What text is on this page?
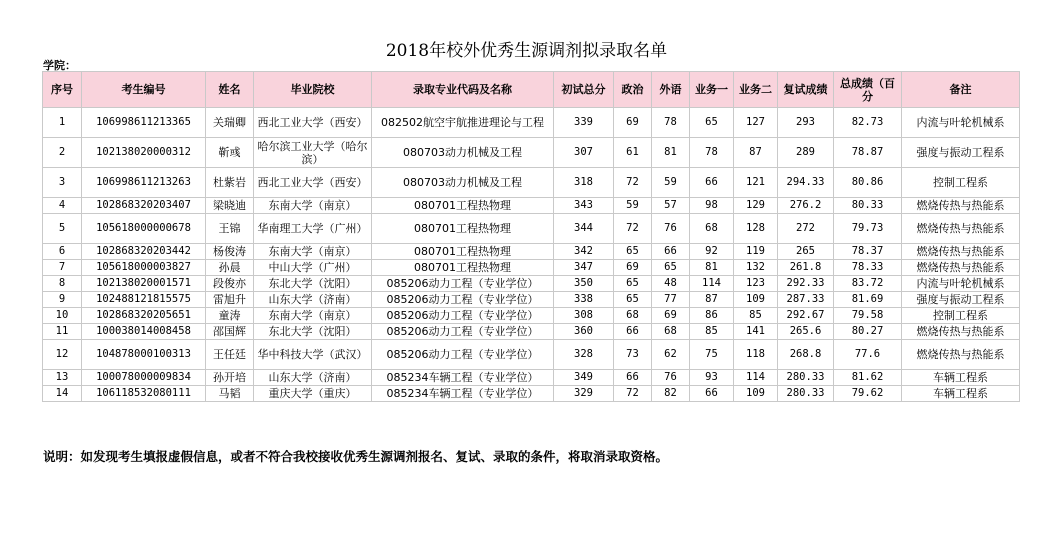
2018年校外优秀生源调剂拟录取名单
学院：
序号	考生编号	姓名	毕业院校	录取专业代码及名称	初试总分	政治	外语	业务一	业务二	复试成绩	总成绩（百分	备注
1	106998611213365	关瑞卿	西北工业大学（西安）	082502航空宇航推进理论与工程	339	69	78	65	127	293	82.73	内流与叶轮机械系
2	102138020000312	靳彧	哈尔滨工业大学（哈尔滨）	080703动力机械及工程	307	61	81	78	87	289	78.87	强度与振动工程系
3	106998611213263	杜紫岩	西北工业大学（西安）	080703动力机械及工程	318	72	59	66	121	294.33	80.86	控制工程系
4	102868320203407	梁晓迪	东南大学（南京）	080701工程热物理	343	59	57	98	129	276.2	80.33	燃烧传热与热能系
5	105618000000678	王锦	华南理工大学（广州）	080701工程热物理	344	72	76	68	128	272	79.73	燃烧传热与热能系
6	102868320203442	杨俊涛	东南大学（南京）	080701工程热物理	342	65	66	92	119	265	78.37	燃烧传热与热能系
7	105618000003827	孙晨	中山大学（广州）	080701工程热物理	347	69	65	81	132	261.8	78.33	燃烧传热与热能系
8	102138020001571	段俊亦	东北大学（沈阳）	085206动力工程（专业学位）	350	65	48	114	123	292.33	83.72	内流与叶轮机械系
9	102488121815575	雷旭升	山东大学（济南）	085206动力工程（专业学位）	338	65	77	87	109	287.33	81.69	强度与振动工程系
10	102868320205651	童涛	东南大学（南京）	085206动力工程（专业学位）	308	68	69	86	85	292.67	79.58	控制工程系
11	100038014008458	邵国辉	东北大学（沈阳）	085206动力工程（专业学位）	360	66	68	85	141	265.6	80.27	燃烧传热与热能系
12	104878000100313	王任廷	华中科技大学（武汉）	085206动力工程（专业学位）	328	73	62	75	118	268.8	77.6	燃烧传热与热能系
13	100078000009834	孙开培	山东大学（济南）	085234车辆工程（专业学位）	349	66	76	93	114	280.33	81.62	车辆工程系
14	106118532080111	马韬	重庆大学（重庆）	085234车辆工程（专业学位）	329	72	82	66	109	280.33	79.62	车辆工程系
说明：如发现考生填报虚假信息，或者不符合我校接收优秀生源调剂报名、复试、录取的条件，将取消录取资格。
